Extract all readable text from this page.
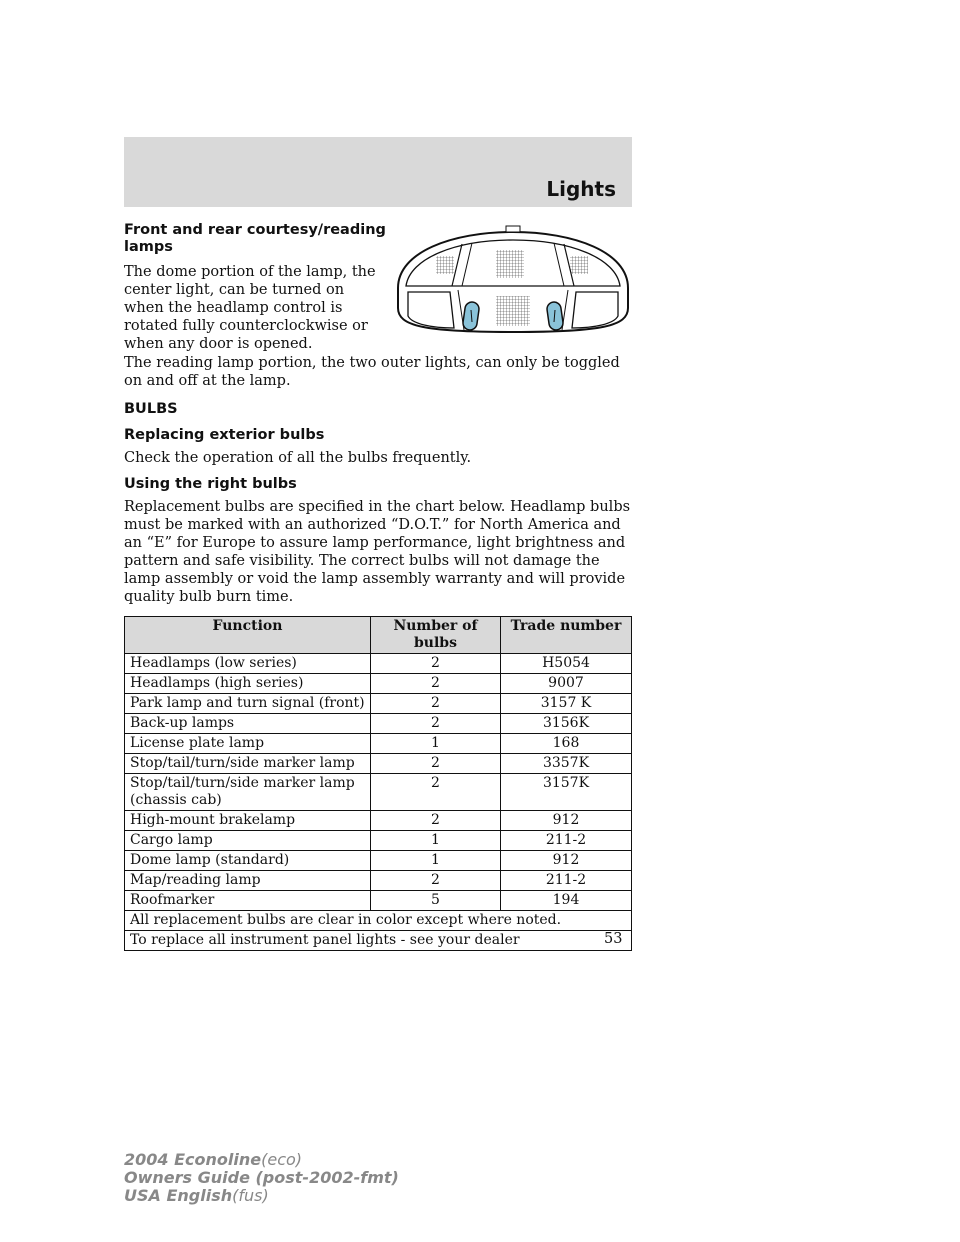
Lights

Front and rear courtesy/reading lamps

The dome portion of the lamp, the center light, can be turned on when the headlamp control is rotated fully counterclockwise or when any door is opened.

The reading lamp portion, the two outer lights, can only be toggled on and off at the lamp.

BULBS

Replacing exterior bulbs

Check the operation of all the bulbs frequently.

Using the right bulbs

Replacement bulbs are specified in the chart below. Headlamp bulbs must be marked with an authorized “D.O.T.” for North America and an “E” for Europe to assure lamp performance, light brightness and pattern and safe visibility. The correct bulbs will not damage the lamp assembly or void the lamp assembly warranty and will provide quality bulb burn time.

Function	Number of bulbs	Trade number
Headlamps (low series)	2	H5054
Headlamps (high series)	2	9007
Park lamp and turn signal (front)	2	3157 K
Back-up lamps	2	3156K
License plate lamp	1	168
Stop/tail/turn/side marker lamp	2	3357K
Stop/tail/turn/side marker lamp
(chassis cab)	2	3157K
High-mount brakelamp	2	912
Cargo lamp	1	211-2
Dome lamp (standard)	1	912
Map/reading lamp	2	211-2
Roofmarker	5	194
All replacement bulbs are clear in color except where noted.		
To replace all instrument panel lights - see your dealer			53
2004 Econoline(eco)
Owners Guide (post-2002-fmt)
USA English(fus)
